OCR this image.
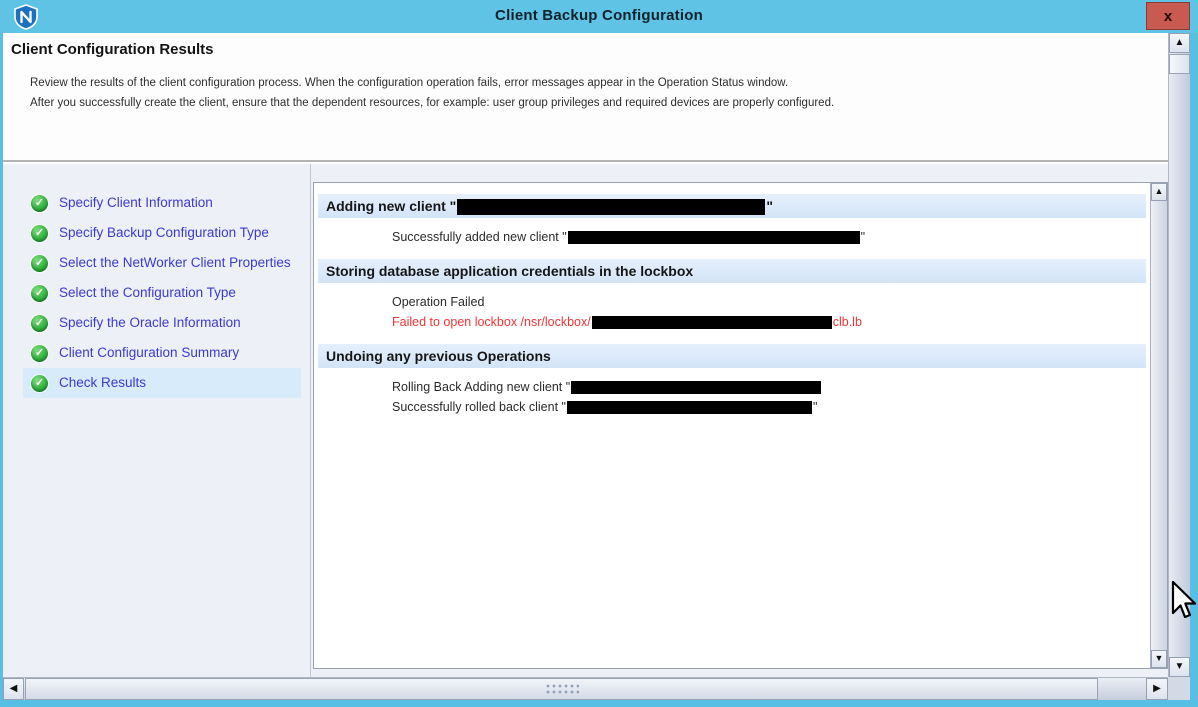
Client Backup Configuration	x
Client Configuration Results
Review the results of the client configuration process. When the configuration operation fails, error messages appear in the Operation Status window.
After you successfully create the client, ensure that the dependent resources, for example: user group privileges and required devices are properly configured.
✓ Specify Client Information
✓ Specify Backup Configuration Type
✓ Select the NetWorker Client Properties
✓ Select the Configuration Type
✓ Specify the Oracle Information
✓ Client Configuration Summary
✓ Check Results
Adding new client "	"
Successfully added new client "	"
Storing database application credentials in the lockbox
Operation Failed
Failed to open lockbox /nsr/lockbox/	clb.lb
Undoing any previous Operations
Rolling Back Adding new client "
Successfully rolled back client "	"
▲
▼
▲
▼
◀	▶
